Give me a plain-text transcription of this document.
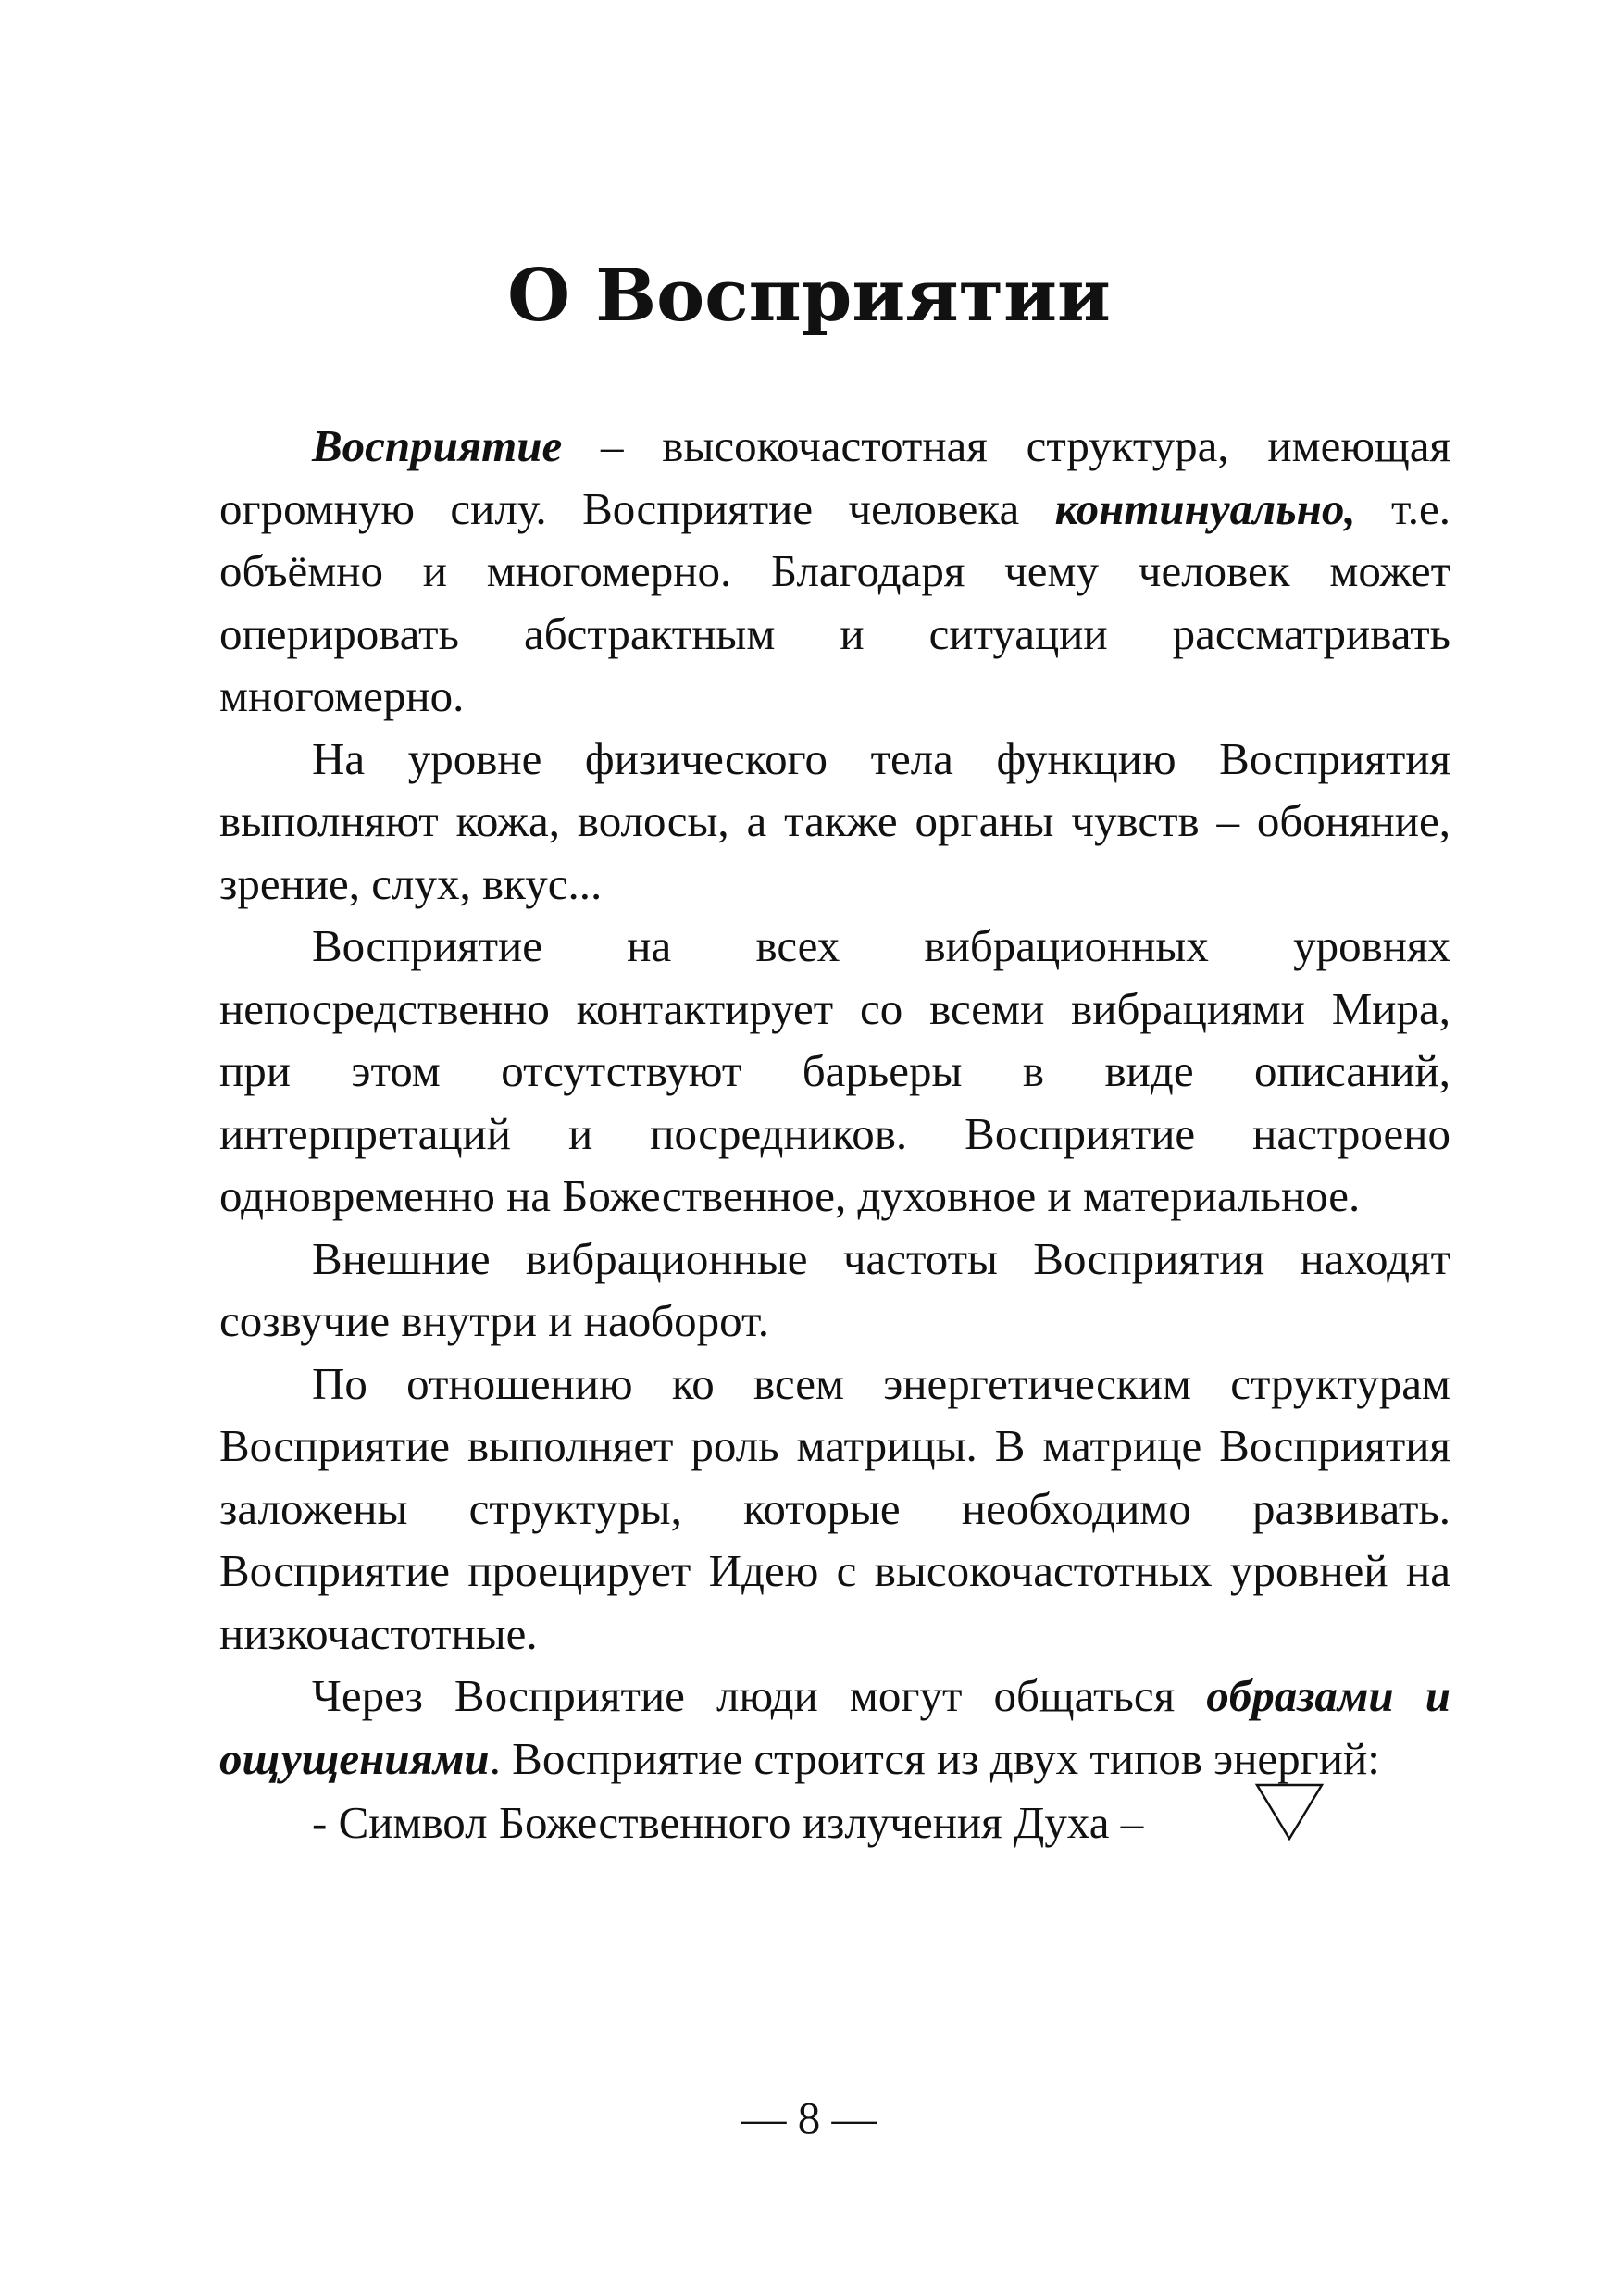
О Восприятии

Восприятие – высокочастотная структура, имеющая огромную силу. Восприятие человека континуально, т.е. объёмно и многомерно. Благодаря чему человек может оперировать абстрактным и ситуации рассматривать многомерно.

На уровне физического тела функцию Восприятия выполняют кожа, волосы, а также органы чувств – обоняние, зрение, слух, вкус...

Восприятие на всех вибрационных уровнях непосредственно контактирует со всеми вибрациями Мира, при этом отсутствуют барьеры в виде описаний, интерпретаций и посредников. Восприятие настроено одновременно на Божественное, духовное и материальное.

Внешние вибрационные частоты Восприятия находят созвучие внутри и наоборот.

По отношению ко всем энергетическим структурам Восприятие выполняет роль матрицы. В матрице Восприятия заложены структуры, которые необходимо развивать. Восприятие проецирует Идею с высокочастотных уровней на низкочастотные.

Через Восприятие люди могут общаться образами и ощущениями. Восприятие строится из двух типов энергий:

- Символ Божественного излучения Духа –

— 8 —
